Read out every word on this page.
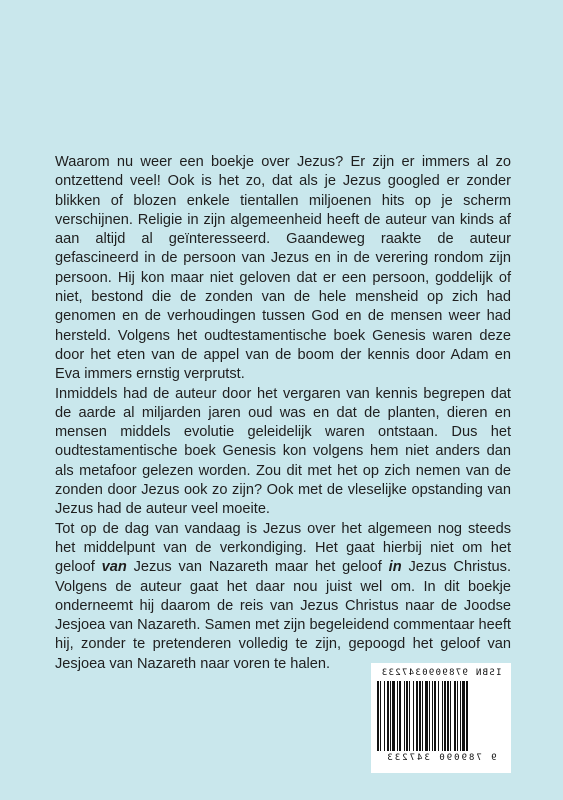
Waarom nu weer een boekje over Jezus? Er zijn er immers al zo ontzettend veel! Ook is het zo, dat als je Jezus googled er zonder blikken of blozen enkele tientallen miljoenen hits op je scherm verschijnen. Religie in zijn algemeenheid heeft de auteur van kinds af aan altijd al geïnteresseerd. Gaandeweg raakte de auteur gefascineerd in de persoon van Jezus en in de verering rondom zijn persoon. Hij kon maar niet geloven dat er een persoon, goddelijk of niet, bestond die de zonden van de hele mensheid op zich had genomen en de verhoudingen tussen God en de mensen weer had hersteld. Volgens het oudtestamentische boek Genesis waren deze door het eten van de appel van de boom der kennis door Adam en Eva immers ernstig verprutst.

Inmiddels had de auteur door het vergaren van kennis begrepen dat de aarde al miljarden jaren oud was en dat de planten, dieren en mensen middels evolutie geleidelijk waren ontstaan. Dus het oudtestamentische boek Genesis kon volgens hem niet anders dan als metafoor gelezen worden. Zou dit met het op zich nemen van de zonden door Jezus ook zo zijn? Ook met de vleselijke opstanding van Jezus had de auteur veel moeite.

Tot op de dag van vandaag is Jezus over het algemeen nog steeds het middelpunt van de verkondiging. Het gaat hierbij niet om het geloof van Jezus van Nazareth maar het geloof in Jezus Christus. Volgens de auteur gaat het daar nou juist wel om. In dit boekje onderneemt hij daarom de reis van Jezus Christus naar de Joodse Jesjoea van Nazareth. Samen met zijn begeleidend commentaar heeft hij, zonder te pretenderen volledig te zijn, gepoogd het geloof van Jesjoea van Nazareth naar voren te halen.

ISBN 9789090347233
9 789090 347233
